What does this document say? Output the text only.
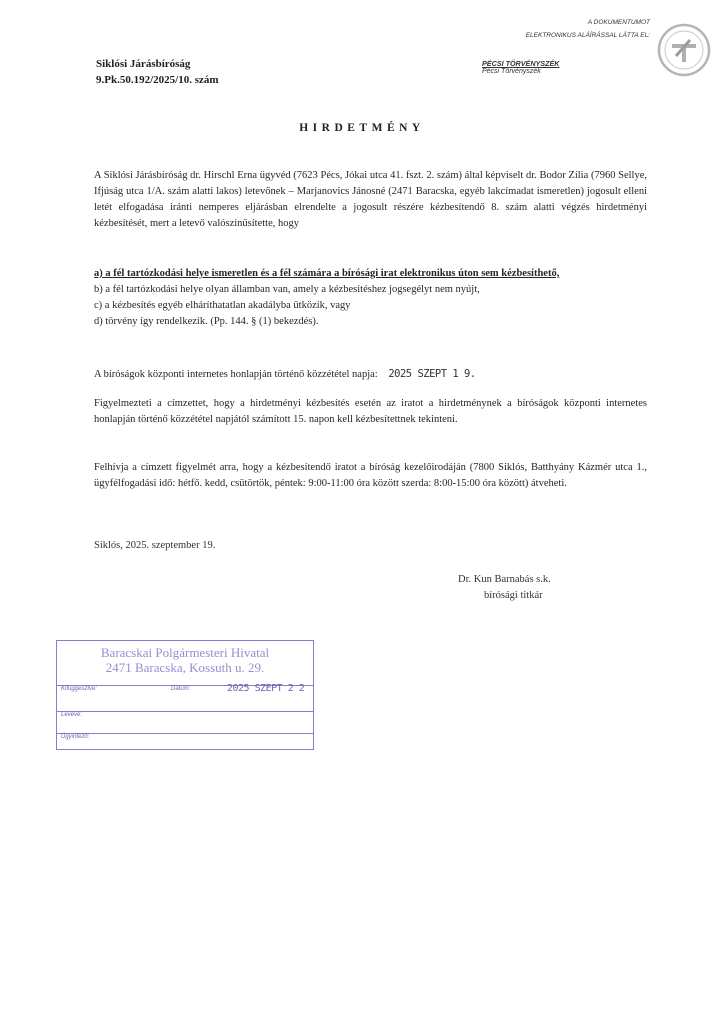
A DOKUMENTUMOT
ELEKTRONIKUS ALÁÍRÁSSAL LÁTTA EL:
PÉCSI TÖRVÉNYSZÉK
Pécsi Törvényszék
Siklósi Járásbíróság
9.Pk.50.192/2025/10. szám
HIRDETMÉNY
A Siklósi Járásbíróság dr. Hirschl Erna ügyvéd (7623 Pécs, Jókai utca 41. fszt. 2. szám) által képviselt dr. Bodor Zília (7960 Sellye, Ifjúság utca 1/A. szám alatti lakos) letevőnek – Marjanovics Jánosné (2471 Baracska, egyéb lakcímadat ismeretlen) jogosult elleni letét elfogadása iránti nemperes eljárásban elrendelte a jogosult részére kézbesítendő 8. szám alatti végzés hirdetményi kézbesítését, mert a letevő valószínűsítette, hogy
a) a fél tartózkodási helye ismeretlen és a fél számára a bírósági irat elektronikus úton sem kézbesíthető,
b) a fél tartózkodási helye olyan államban van, amely a kézbesítéshez jogsegélyt nem nyújt,
c) a kézbesítés egyéb elháríthatatlan akadályba ütközik, vagy
d) törvény így rendelkezik. (Pp. 144. § (1) bekezdés).
A bíróságok központi internetes honlapján történő közzététel napja: 2025 SZEPT 1 9.
Figyelmezteti a címzettet, hogy a hirdetményi kézbesítés esetén az iratot a hirdetménynek a bíróságok központi internetes honlapján történő közzététel napjától számított 15. napon kell kézbesítettnek tekinteni.
Felhívja a címzett figyelmét arra, hogy a kézbesítendő iratot a bíróság kezelőirodáján (7800 Siklós, Batthyány Kázmér utca 1., ügyfélfogadási idő: hétfő. kedd, csütörtök, péntek: 9:00-11:00 óra között szerda: 8:00-15:00 óra között) átveheti.
Siklós, 2025. szeptember 19.
Dr. Kun Barnabás s.k.
bírósági titkár
Baracskai Polgármesteri Hivatal
2471 Baracska, Kossuth u. 29.
Kifüggesztve:	Dátum:	2025 SZEPT 2 2
Levévé:
Ügyintéző:
